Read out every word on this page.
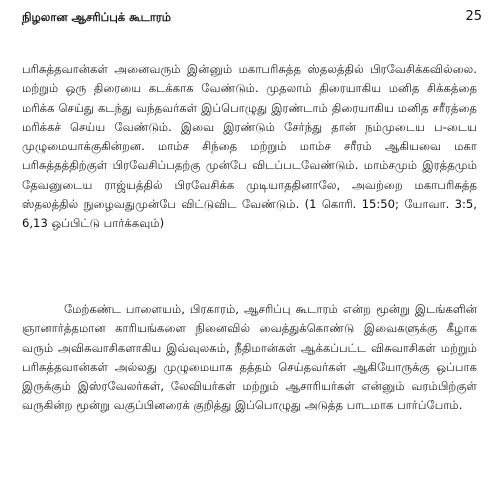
நிழலான ஆசரிப்புக் கூடாரம்	25

பரிசுத்தவான்கள் அனைவரும் இன்னும் மகாபரிசுத்த ஸ்தலத்தில் பிரவேசிக்கவில்லை. மற்றும் ஒரு திரையை கடக்காக வேண்டும். முதலாம் திரையாகிய மனித சிக்கத்தை மரிக்க செய்து கடந்து வந்தவர்கள் இப்பொழுது இரண்டாம் திரையாகிய மனித சரீரத்தை மரிக்கச் செய்ய வேண்டும். இவை இரண்டும் சேர்ந்து தான் நம்முடைய ப-டைய முழுமையாக்குகின்றன. மாம்ச சிந்தை மற்றும் மாம்ச சரீரம் ஆகியவை மகா பரிசுத்தத்திற்குள் பிரவேசிப்பதற்கு முன்பே விடப்படவேண்டும். மாம்சமும் இரத்தமும் தேவனுடைய ராஜ்யத்தில் பிரவேசிக்க முடியாததினாலே, அவற்றை மகாபரிசுத்த ஸ்தலத்தில் நுழைவதுமுன்பே விட்டுவிட வேண்டும். (1 கொரி. 15:50; யோவா. 3:5, 6,13 ஒப்பிட்டு பார்க்கவும்)

மேற்கண்ட பாளையம், பிரகாரம், ஆசரிப்பு கூடாரம் என்ற மூன்று இடங்களின் ஞானார்த்தமான காரியங்களை நினைவில் வைத்துக்கொண்டு இவைகளுக்கு கீழாக வரும் அவிசுவாசிகளாகிய இவ்வுலகம், நீதிமான்கள் ஆக்கப்பட்ட விசுவாசிகள் மற்றும் பரிசுத்தவான்கள் அல்லது முழுமையாக தத்தம் செய்தவர்கள் ஆகியோருக்கு ஒப்பாக இருக்கும் இஸ்ரவேலர்கள், லேவியர்கள் மற்றும் ஆசாரியர்கள் என்னும் வரம்பிற்குள் வருகின்ற மூன்று வகுப்பினரைக் குறித்து இப்பொழுது அடுத்த பாடமாக பார்ப்போம்.
